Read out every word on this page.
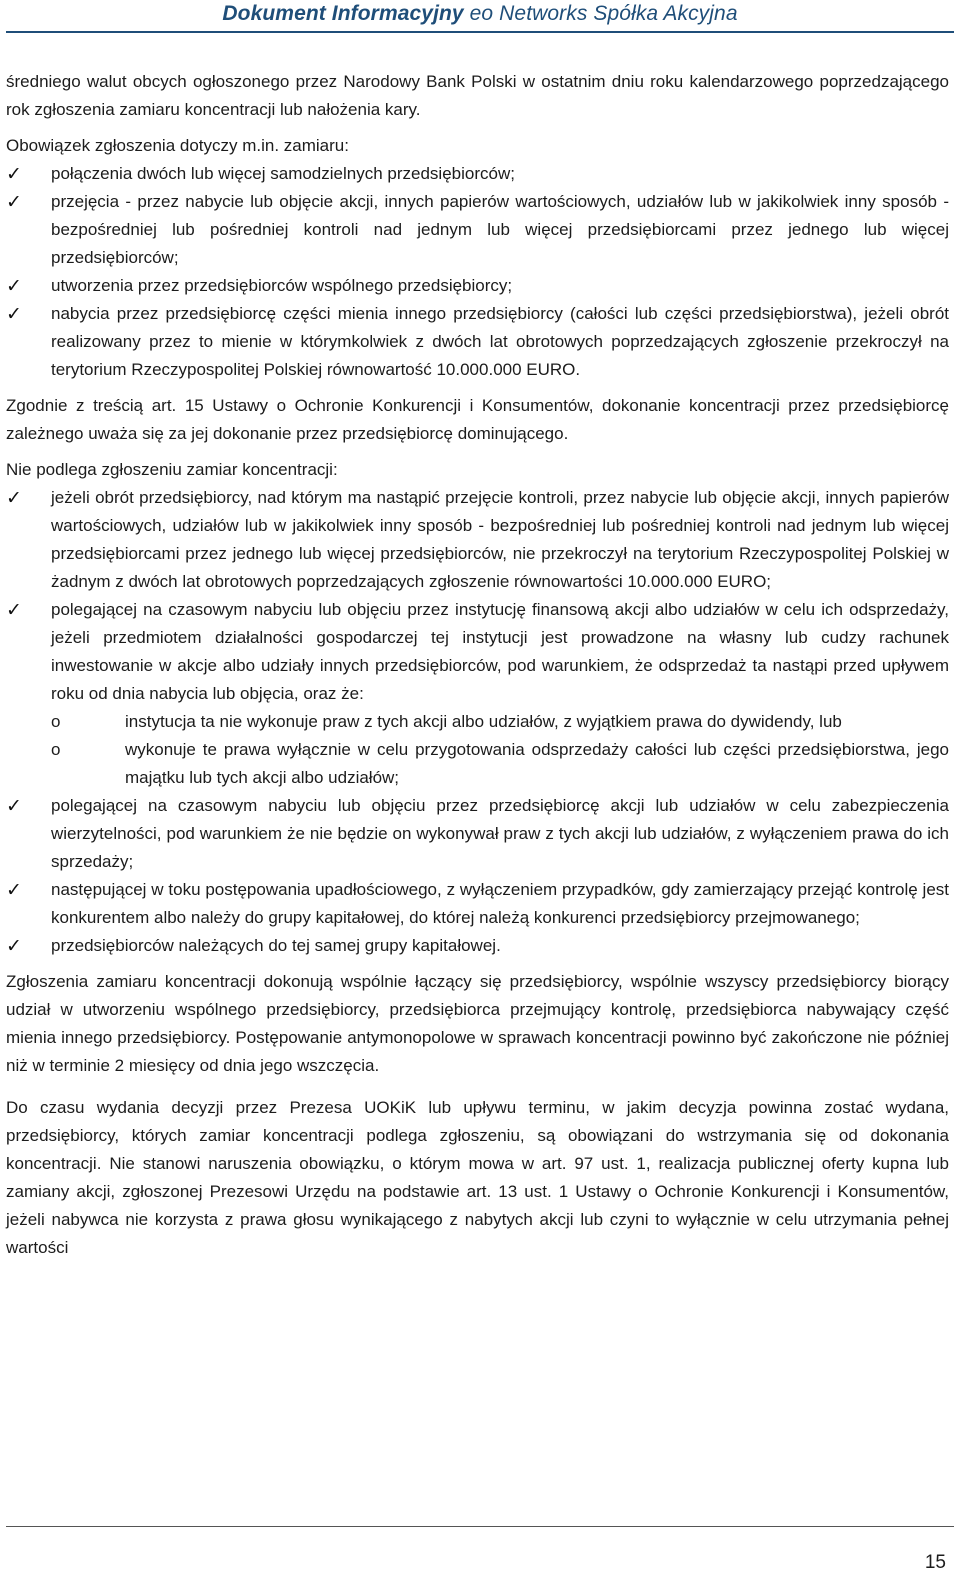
Dokument Informacyjny eo Networks Spółka Akcyjna

średniego walut obcych ogłoszonego przez Narodowy Bank Polski w ostatnim dniu roku kalendarzowego poprzedzającego rok zgłoszenia zamiaru koncentracji lub nałożenia kary.

Obowiązek zgłoszenia dotyczy m.in. zamiaru:

✓ połączenia dwóch lub więcej samodzielnych przedsiębiorców;
✓ przejęcia - przez nabycie lub objęcie akcji, innych papierów wartościowych, udziałów lub w jakikolwiek inny sposób - bezpośredniej lub pośredniej kontroli nad jednym lub więcej przedsiębiorcami przez jednego lub więcej przedsiębiorców;
✓ utworzenia przez przedsiębiorców wspólnego przedsiębiorcy;
✓ nabycia przez przedsiębiorcę części mienia innego przedsiębiorcy (całości lub części przedsiębiorstwa), jeżeli obrót realizowany przez to mienie w którymkolwiek z dwóch lat obrotowych poprzedzających zgłoszenie przekroczył na terytorium Rzeczypospolitej Polskiej równowartość 10.000.000 EURO.

Zgodnie z treścią art. 15 Ustawy o Ochronie Konkurencji i Konsumentów, dokonanie koncentracji przez przedsiębiorcę zależnego uważa się za jej dokonanie przez przedsiębiorcę dominującego.

Nie podlega zgłoszeniu zamiar koncentracji:

✓ jeżeli obrót przedsiębiorcy, nad którym ma nastąpić przejęcie kontroli, przez nabycie lub objęcie akcji, innych papierów wartościowych, udziałów lub w jakikolwiek inny sposób - bezpośredniej lub pośredniej kontroli nad jednym lub więcej przedsiębiorcami przez jednego lub więcej przedsiębiorców, nie przekroczył na terytorium Rzeczypospolitej Polskiej w żadnym z dwóch lat obrotowych poprzedzających zgłoszenie równowartości 10.000.000 EURO;
✓ polegającej na czasowym nabyciu lub objęciu przez instytucję finansową akcji albo udziałów w celu ich odsprzedaży, jeżeli przedmiotem działalności gospodarczej tej instytucji jest prowadzone na własny lub cudzy rachunek inwestowanie w akcje albo udziały innych przedsiębiorców, pod warunkiem, że odsprzedaż ta nastąpi przed upływem roku od dnia nabycia lub objęcia, oraz że:
o	instytucja ta nie wykonuje praw z tych akcji albo udziałów, z wyjątkiem prawa do dywidendy, lub
o	wykonuje te prawa wyłącznie w celu przygotowania odsprzedaży całości lub części przedsiębiorstwa, jego majątku lub tych akcji albo udziałów;
✓ polegającej na czasowym nabyciu lub objęciu przez przedsiębiorcę akcji lub udziałów w celu zabezpieczenia wierzytelności, pod warunkiem że nie będzie on wykonywał praw z tych akcji lub udziałów, z wyłączeniem prawa do ich sprzedaży;
✓ następującej w toku postępowania upadłościowego, z wyłączeniem przypadków, gdy zamierzający przejąć kontrolę jest konkurentem albo należy do grupy kapitałowej, do której należą konkurenci przedsiębiorcy przejmowanego;
✓ przedsiębiorców należących do tej samej grupy kapitałowej.

Zgłoszenia zamiaru koncentracji dokonują wspólnie łączący się przedsiębiorcy, wspólnie wszyscy przedsiębiorcy biorący udział w utworzeniu wspólnego przedsiębiorcy, przedsiębiorca przejmujący kontrolę, przedsiębiorca nabywający część mienia innego przedsiębiorcy. Postępowanie antymonopolowe w sprawach koncentracji powinno być zakończone nie później niż w terminie 2 miesięcy od dnia jego wszczęcia.

Do czasu wydania decyzji przez Prezesa UOKiK lub upływu terminu, w jakim decyzja powinna zostać wydana, przedsiębiorcy, których zamiar koncentracji podlega zgłoszeniu, są obowiązani do wstrzymania się od dokonania koncentracji. Nie stanowi naruszenia obowiązku, o którym mowa w art. 97 ust. 1, realizacja publicznej oferty kupna lub zamiany akcji, zgłoszonej Prezesowi Urzędu na podstawie art. 13 ust. 1 Ustawy o Ochronie Konkurencji i Konsumentów, jeżeli nabywca nie korzysta z prawa głosu wynikającego z nabytych akcji lub czyni to wyłącznie w celu utrzymania pełnej wartości

15
